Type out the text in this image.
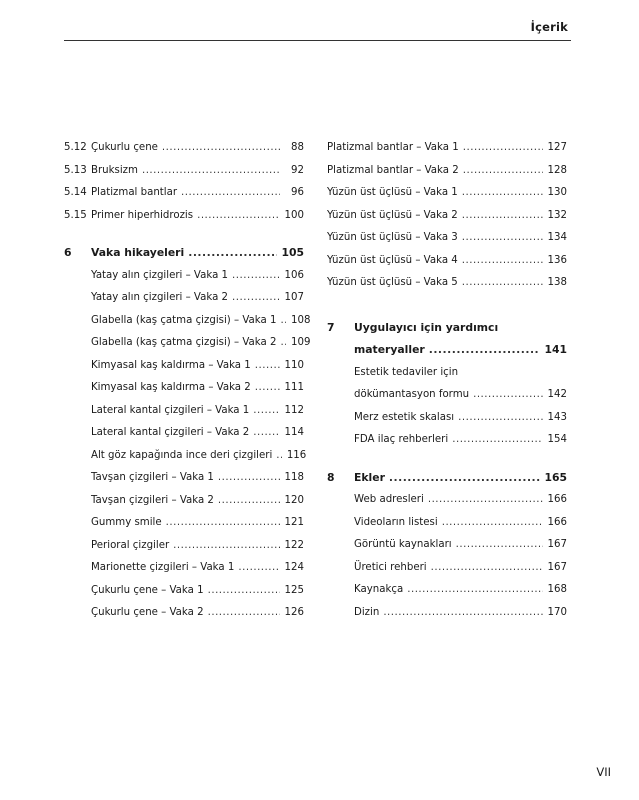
İçerik
5.12 Çukurlu çene .....	88
5.13 Bruksizm .....	92
5.14 Platizmal bantlar .....	96
5.15 Primer hiperhidrozis .....	100
6	Vaka hikayeleri .....	105
Yatay alın çizgileri – Vaka 1 .....	106
Yatay alın çizgileri – Vaka 2 .....	107
Glabella (kaş çatma çizgisi) – Vaka 1 ..... 108
Glabella (kaş çatma çizgisi) – Vaka 2 ..... 109
Kimyasal kaş kaldırma – Vaka 1 .....	110
Kimyasal kaş kaldırma – Vaka 2 .....	111
Lateral kantal çizgileri – Vaka 1 .....	112
Lateral kantal çizgileri – Vaka 2 .....	114
Alt göz kapağında ince deri çizgileri ..... 116
Tavşan çizgileri – Vaka 1 .....	118
Tavşan çizgileri – Vaka 2 .....	120
Gummy smile .....	121
Perioral çizgiler .....	122
Marionette çizgileri – Vaka 1 .....	124
Çukurlu çene – Vaka 1 .....	125
Çukurlu çene – Vaka 2 .....	126
Platizmal bantlar – Vaka 1 .....	127
Platizmal bantlar – Vaka 2 .....	128
Yüzün üst üçlüsü – Vaka 1 .....	130
Yüzün üst üçlüsü – Vaka 2 .....	132
Yüzün üst üçlüsü – Vaka 3 .....	134
Yüzün üst üçlüsü – Vaka 4 .....	136
Yüzün üst üçlüsü – Vaka 5 .....	138
7	Uygulayıcı için yardımcı
materyaller .....	141
Estetik tedaviler için
dökümantasyon formu .....	142
Merz estetik skalası .....	143
FDA ilaç rehberleri .....	154
8	Ekler .....	165
Web adresleri .....	166
Videoların listesi .....	166
Görüntü kaynakları .....	167
Üretici rehberi .....	167
Kaynakça .....	168
Dizin .....	170
VII
